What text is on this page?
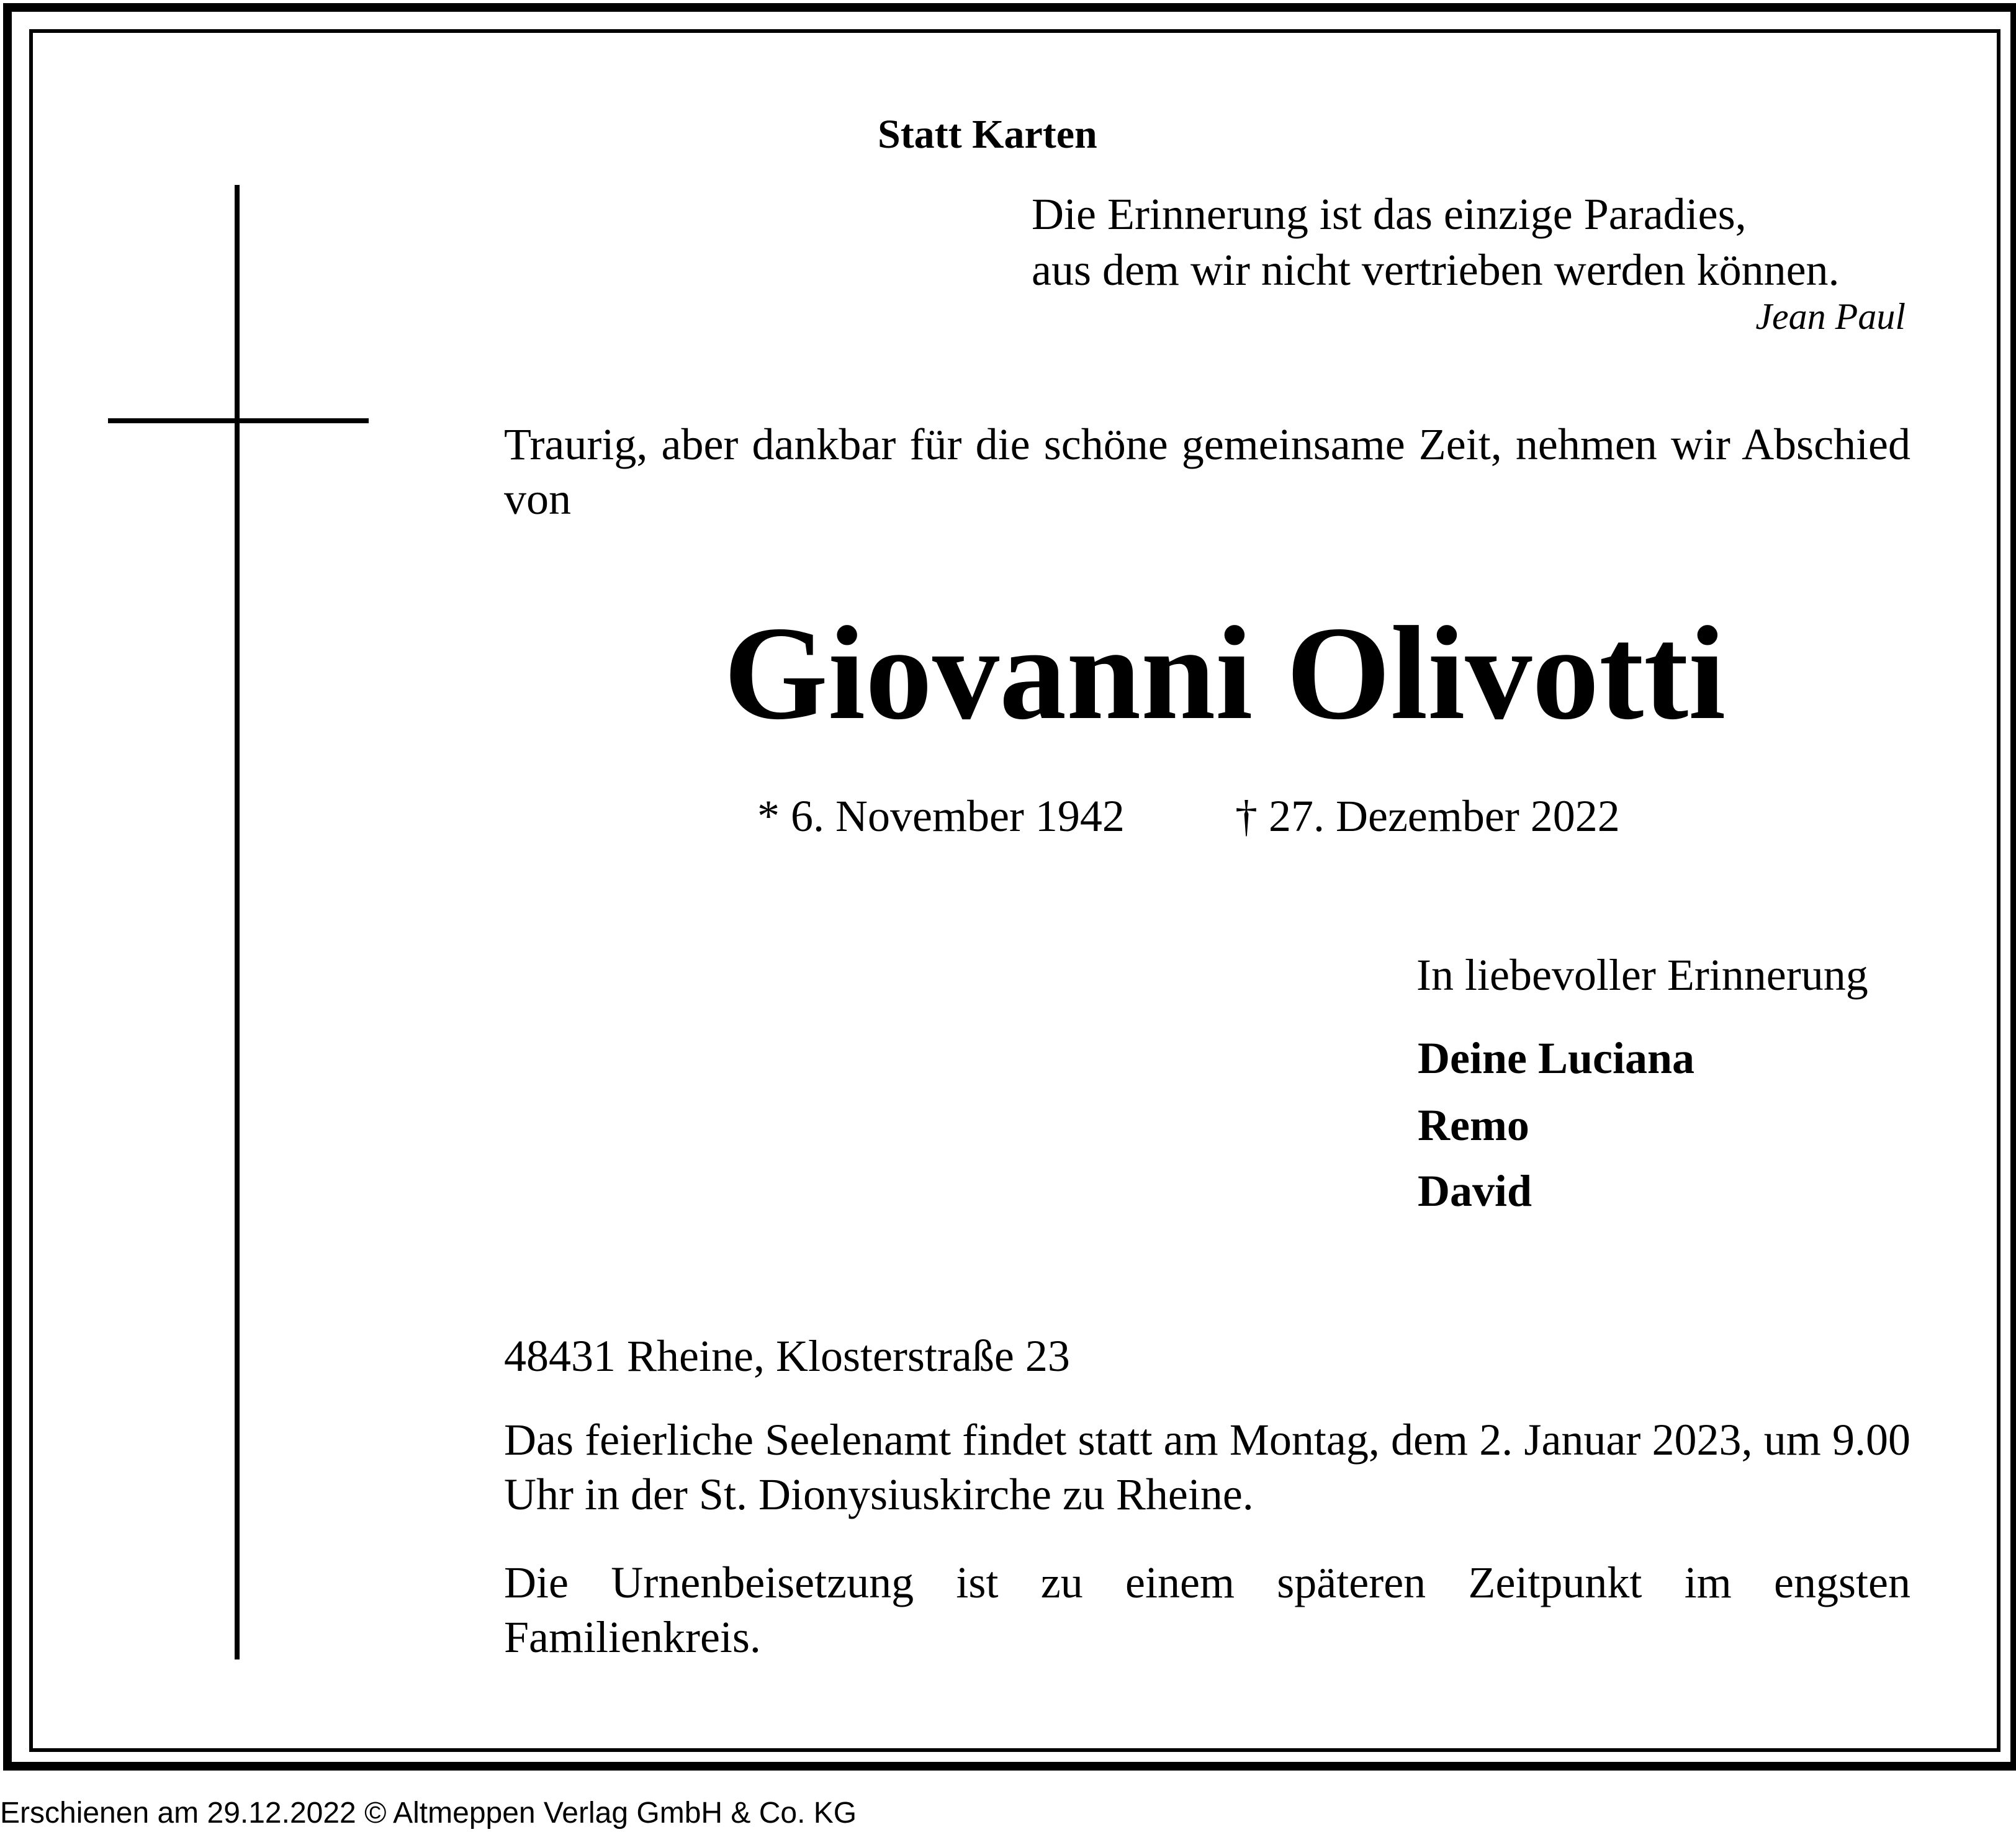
Statt Karten

Die Erinnerung ist das einzige Paradies,
aus dem wir nicht vertrieben werden können.

Jean Paul

Traurig, aber dankbar für die schöne gemeinsame Zeit, nehmen wir Abschied von

Giovanni Olivotti

* 6. November 1942 † 27. Dezember 2022

In liebevoller Erinnerung

Deine Luciana

Remo

David

48431 Rheine, Klosterstraße 23

Das feierliche Seelenamt findet statt am Montag, dem 2. Januar 2023, um 9.00 Uhr in der St. Dionysiuskirche zu Rheine.

Die Urnenbeisetzung ist zu einem späteren Zeitpunkt im engsten Familienkreis.

Erschienen am 29.12.2022 © Altmeppen Verlag GmbH & Co. KG
